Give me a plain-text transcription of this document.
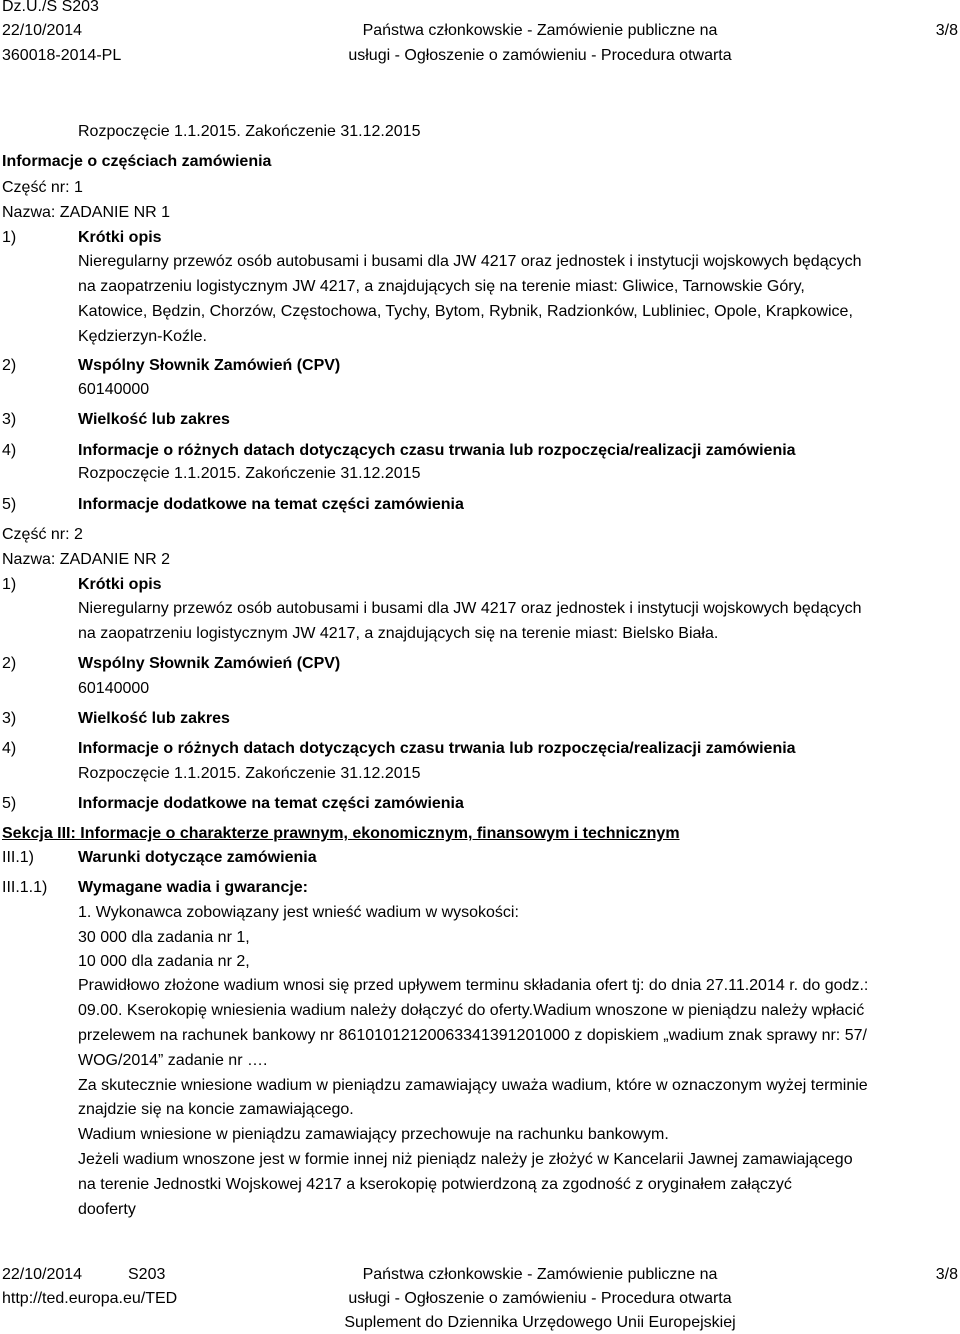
Dz.U./S S203
22/10/2014
360018-2014-PL
Państwa członkowskie - Zamówienie publiczne na
usługi - Ogłoszenie o zamówieniu - Procedura otwarta
3/8
Rozpoczęcie 1.1.2015. Zakończenie 31.12.2015
Informacje o częściach zamówienia
Część nr: 1
Nazwa: ZADANIE NR 1
1)	Krótki opis
Nieregularny przewóz osób autobusami i busami dla JW 4217 oraz jednostek i instytucji wojskowych będących
na zaopatrzeniu logistycznym JW 4217, a znajdujących się na terenie miast: Gliwice, Tarnowskie Góry,
Katowice, Będzin, Chorzów, Częstochowa, Tychy, Bytom, Rybnik, Radzionków, Lubliniec, Opole, Krapkowice,
Kędzierzyn-Koźle.
2)	Wspólny Słownik Zamówień (CPV)
60140000
3)	Wielkość lub zakres
4)	Informacje o różnych datach dotyczących czasu trwania lub rozpoczęcia/realizacji zamówienia
Rozpoczęcie 1.1.2015. Zakończenie 31.12.2015
5)	Informacje dodatkowe na temat części zamówienia
Część nr: 2
Nazwa: ZADANIE NR 2
1)	Krótki opis
Nieregularny przewóz osób autobusami i busami dla JW 4217 oraz jednostek i instytucji wojskowych będących
na zaopatrzeniu logistycznym JW 4217, a znajdujących się na terenie miast: Bielsko Biała.
2)	Wspólny Słownik Zamówień (CPV)
60140000
3)	Wielkość lub zakres
4)	Informacje o różnych datach dotyczących czasu trwania lub rozpoczęcia/realizacji zamówienia
Rozpoczęcie 1.1.2015. Zakończenie 31.12.2015
5)	Informacje dodatkowe na temat części zamówienia
Sekcja III: Informacje o charakterze prawnym, ekonomicznym, finansowym i technicznym
III.1)	Warunki dotyczące zamówienia
III.1.1) Wymagane wadia i gwarancje:
1. Wykonawca zobowiązany jest wnieść wadium w wysokości:
30 000 dla zadania nr 1,
10 000 dla zadania nr 2,
Prawidłowo złożone wadium wnosi się przed upływem terminu składania ofert tj: do dnia 27.11.2014 r. do godz.:
09.00. Kserokopię wniesienia wadium należy dołączyć do oferty.Wadium wnoszone w pieniądzu należy wpłacić
przelewem na rachunek bankowy nr 86101012120063341391201000 z dopiskiem „wadium znak sprawy nr: 57/
WOG/2014” zadanie nr ….
Za skutecznie wniesione wadium w pieniądzu zamawiający uważa wadium, które w oznaczonym wyżej terminie
znajdzie się na koncie zamawiającego.
Wadium wniesione w pieniądzu zamawiający przechowuje na rachunku bankowym.
Jeżeli wadium wnoszone jest w formie innej niż pieniądz należy je złożyć w Kancelarii Jawnej zamawiającego
na terenie Jednostki Wojskowej 4217 a kserokopię potwierdzoną za zgodność z oryginałem załączyć
dooferty
22/10/2014	S203
http://ted.europa.eu/TED
Państwa członkowskie - Zamówienie publiczne na
usługi - Ogłoszenie o zamówieniu - Procedura otwarta
Suplement do Dziennika Urzędowego Unii Europejskiej
3/8
